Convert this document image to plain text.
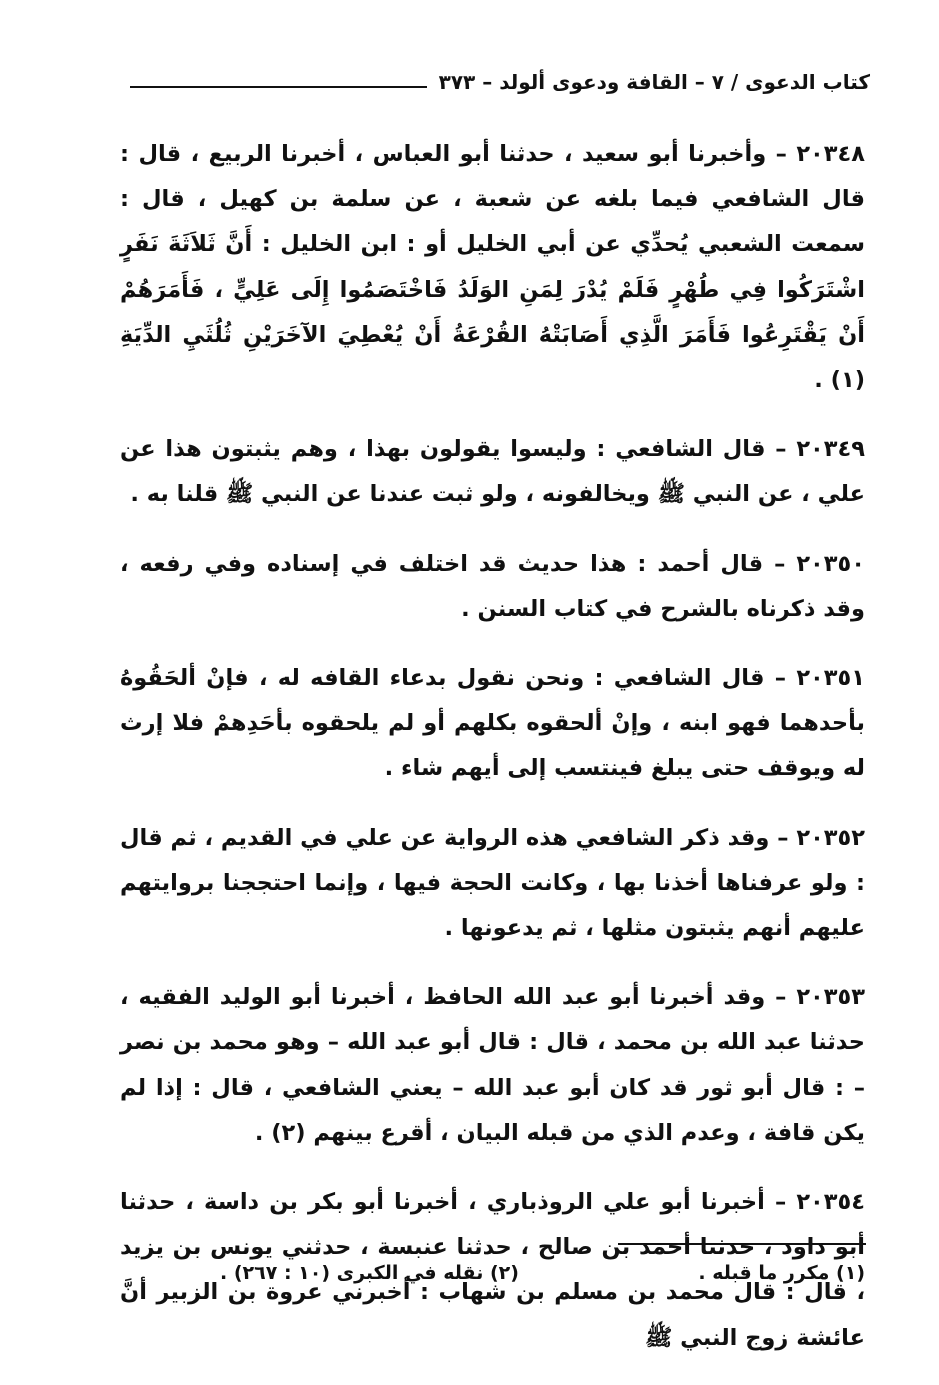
كتاب الدعوى / ٧ – القافة ودعوى ألولد – ٣٧٣

٢٠٣٤٨ – وأخبرنا أبو سعيد ، حدثنا أبو العباس ، أخبرنا الربيع ، قال : قال الشافعي فيما بلغه عن شعبة ، عن سلمة بن كهيل ، قال : سمعت الشعبي يُحدِّي عن أبي الخليل أو : ابن الخليل : أَنَّ ثَلاَثَةَ نَفَرٍ اشْتَرَكُوا فِي طُهْرٍ فَلَمْ يُدْرَ لِمَنِ الوَلَدُ فَاخْتَصَمُوا إِلَى عَلِيٍّ ، فَأَمَرَهُمْ أَنْ يَقْتَرِعُوا فَأَمَرَ الَّذِي أَصَابَتْهُ القُرْعَةُ أَنْ يُعْطِيَ الآخَرَيْنِ ثُلُثَيِ الدِّيَةِ (١) .

٢٠٣٤٩ – قال الشافعي : وليسوا يقولون بهذا ، وهم يثبتون هذا عن علي ، عن النبي ﷺ ويخالفونه ، ولو ثبت عندنا عن النبي ﷺ قلنا به .

٢٠٣٥٠ – قال أحمد : هذا حديث قد اختلف في إسناده وفي رفعه ، وقد ذكرناه بالشرح في كتاب السنن .

٢٠٣٥١ – قال الشافعي : ونحن نقول بدعاء القافه له ، فإنْ ألحَقُوهُ بأحدهما فهو ابنه ، وإنْ ألحقوه بكلهم أو لم يلحقوه بأحَدِهمْ فلا إرث له ويوقف حتى يبلغ فينتسب إلى أيهم شاء .

٢٠٣٥٢ – وقد ذكر الشافعي هذه الرواية عن علي في القديم ، ثم قال : ولو عرفناها أخذنا بها ، وكانت الحجة فيها ، وإنما احتججنا بروايتهم عليهم أنهم يثبتون مثلها ، ثم يدعونها .

٢٠٣٥٣ – وقد أخبرنا أبو عبد الله الحافظ ، أخبرنا أبو الوليد الفقيه ، حدثنا عبد الله بن محمد ، قال : قال أبو عبد الله – وهو محمد بن نصر – : قال أبو ثور قد كان أبو عبد الله – يعني الشافعي ، قال : إذا لم يكن قافة ، وعدم الذي من قبله البيان ، أقرع بينهم (٢) .

٢٠٣٥٤ – أخبرنا أبو علي الروذباري ، أخبرنا أبو بكر بن داسة ، حدثنا أبو داود ، حدثنا أحمد بن صالح ، حدثنا عنبسة ، حدثني يونس بن يزيد ، قال : قال محمد بن مسلم بن شهاب : أخبرني عروة بن الزبير أنَّ عائشة زوج النبي ﷺ

(١) مكرر ما قبله .
(٢) نقله في الكبرى (١٠ : ٢٦٧) .
